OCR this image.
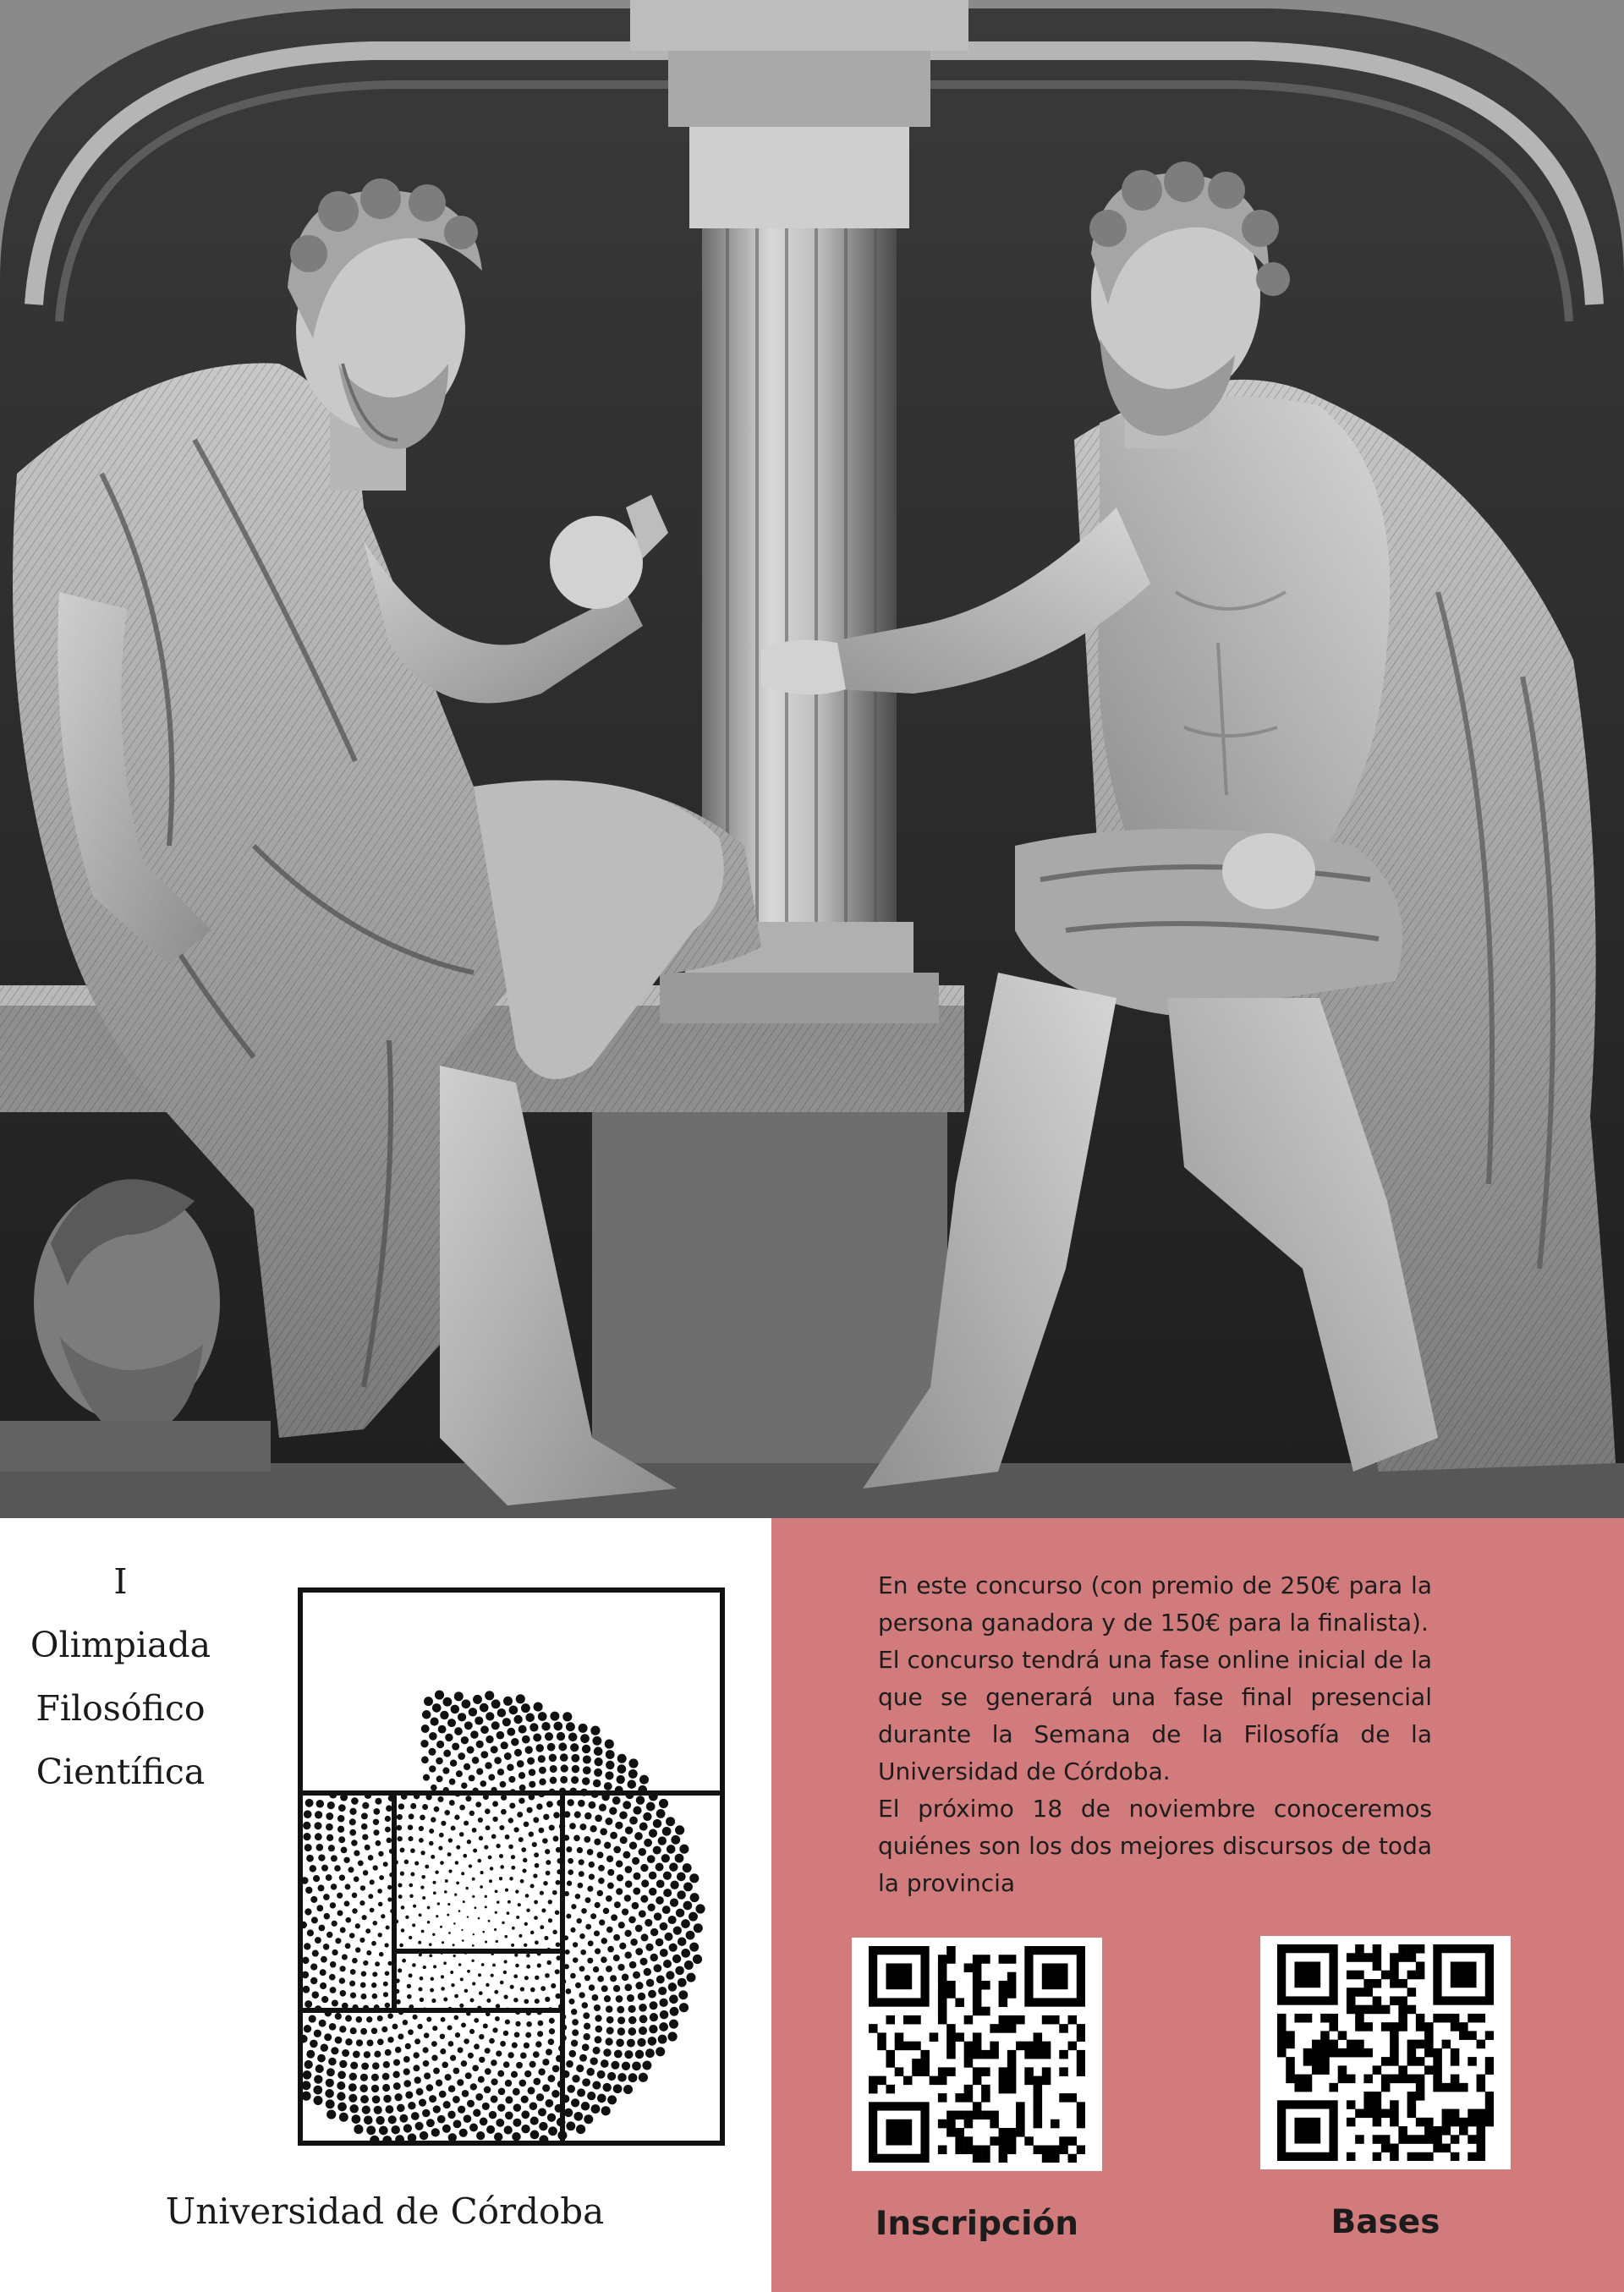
I
Olimpiada
Filosófico
Científica
Universidad de Córdoba

En este concurso (con premio de 250€ para la persona ganadora y de 150€ para la finalista).

El concurso tendrá una fase online inicial de la que se generará una fase final presencial durante la Semana de la Filosofía de la Universidad de Córdoba.

El próximo 18 de noviembre conoceremos quiénes son los dos mejores discursos de toda la provincia

Inscripción	Bases
